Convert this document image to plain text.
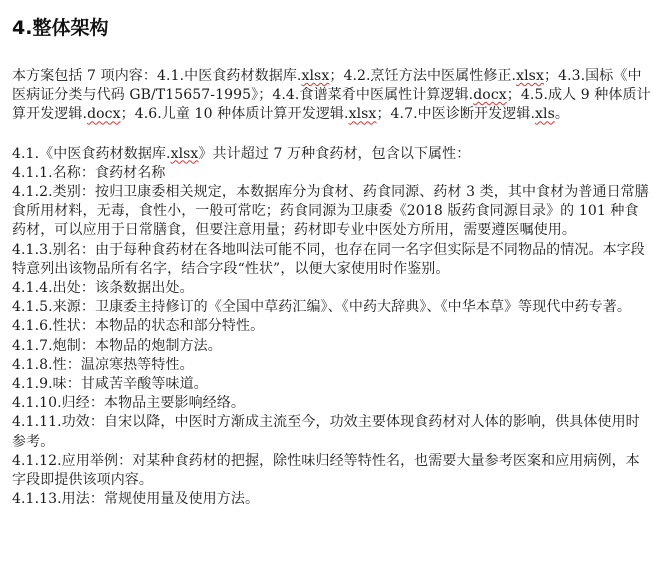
4.整体架构

本方案包括 7 项内容：4.1.中医食药材数据库.xlsx；4.2.烹饪方法中医属性修正.xlsx；4.3.国标《中医病证分类与代码 GB/T15657-1995》；4.4.食谱菜肴中医属性计算逻辑.docx；4.5.成人 9 种体质计算开发逻辑.docx；4.6.儿童 10 种体质计算开发逻辑.xlsx；4.7.中医诊断开发逻辑.xls。

4.1.《中医食药材数据库.xlsx》共计超过 7 万种食药材，包含以下属性：

4.1.1.名称：食药材名称

4.1.2.类别：按归卫康委相关规定，本数据库分为食材、药食同源、药材 3 类，其中食材为普通日常膳食所用材料，无毒，食性小，一般可常吃；药食同源为卫康委《2018 版药食同源目录》的 101 种食药材，可以应用于日常膳食，但要注意用量；药材即专业中医处方所用，需要遵医嘱使用。

4.1.3.别名：由于每种食药材在各地叫法可能不同，也存在同一名字但实际是不同物品的情况。本字段特意列出该物品所有名字，结合字段“性状”，以便大家使用时作鉴别。

4.1.4.出处：该条数据出处。

4.1.5.来源：卫康委主持修订的《全国中草药汇编》、《中药大辞典》、《中华本草》等现代中药专著。

4.1.6.性状：本物品的状态和部分特性。

4.1.7.炮制：本物品的炮制方法。

4.1.8.性：温凉寒热等特性。

4.1.9.味：甘咸苦辛酸等味道。

4.1.10.归经：本物品主要影响经络。

4.1.11.功效：自宋以降，中医时方渐成主流至今，功效主要体现食药材对人体的影响，供具体使用时参考。

4.1.12.应用举例：对某种食药材的把握，除性味归经等特性名，也需要大量参考医案和应用病例，本字段即提供该项内容。

4.1.13.用法：常规使用量及使用方法。
